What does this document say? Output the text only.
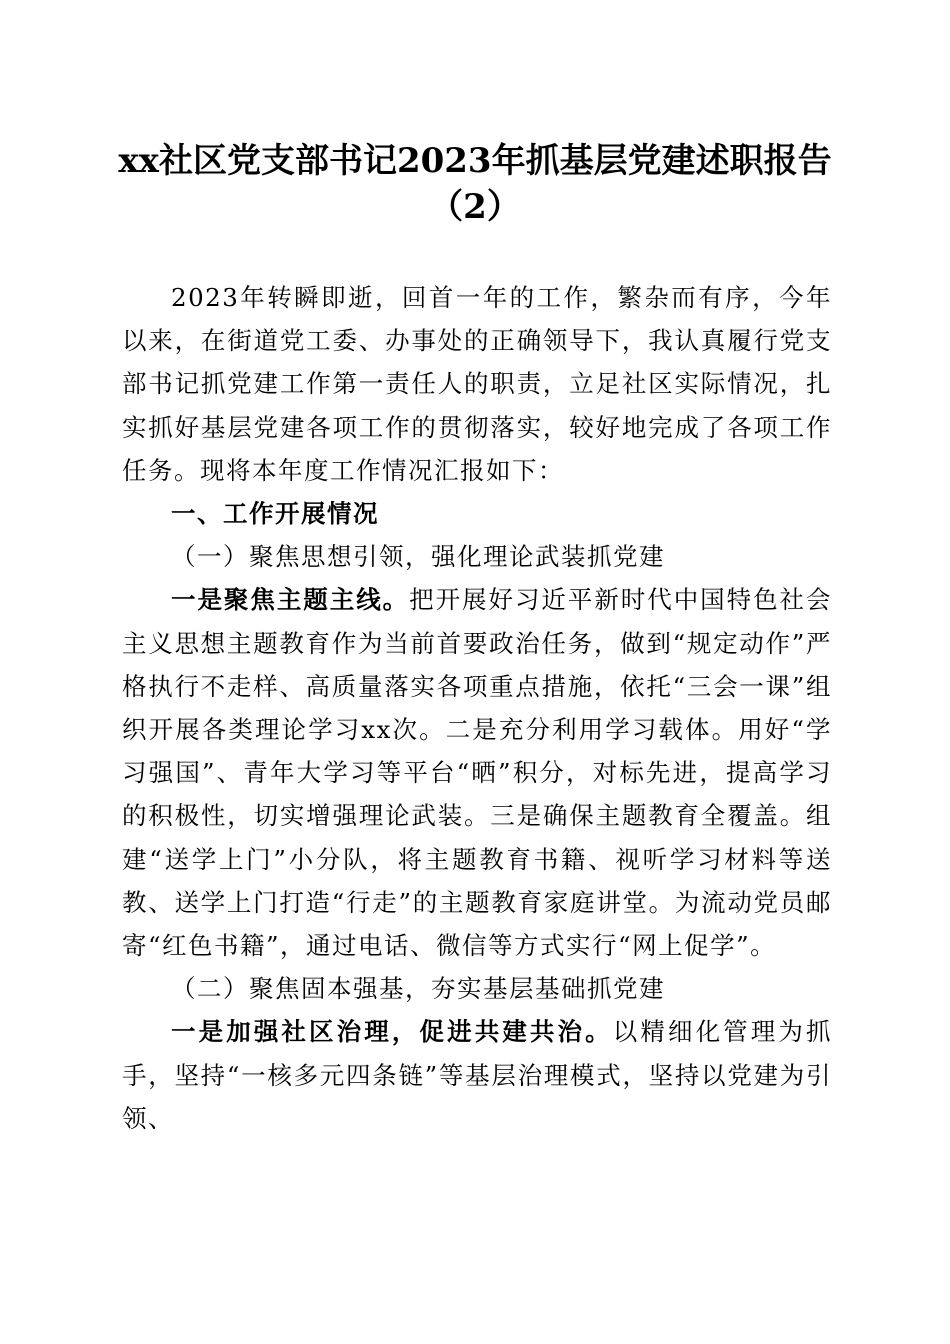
xx社区党支部书记2023年抓基层党建述职报告（2）

2023年转瞬即逝，回首一年的工作，繁杂而有序，今年以来，在街道党工委、办事处的正确领导下，我认真履行党支部书记抓党建工作第一责任人的职责，立足社区实际情况，扎实抓好基层党建各项工作的贯彻落实，较好地完成了各项工作任务。现将本年度工作情况汇报如下：

一、工作开展情况

（一）聚焦思想引领，强化理论武装抓党建

一是聚焦主题主线。把开展好习近平新时代中国特色社会主义思想主题教育作为当前首要政治任务，做到“规定动作”严格执行不走样、高质量落实各项重点措施，依托“三会一课”组织开展各类理论学习xx次。二是充分利用学习载体。用好“学习强国”、青年大学习等平台“晒”积分，对标先进，提高学习的积极性，切实增强理论武装。三是确保主题教育全覆盖。组建“送学上门”小分队，将主题教育书籍、视听学习材料等送教、送学上门打造“行走”的主题教育家庭讲堂。为流动党员邮寄“红色书籍”，通过电话、微信等方式实行“网上促学”。

（二）聚焦固本强基，夯实基层基础抓党建

一是加强社区治理，促进共建共治。以精细化管理为抓手，坚持“一核多元四条链”等基层治理模式，坚持以党建为引领、
